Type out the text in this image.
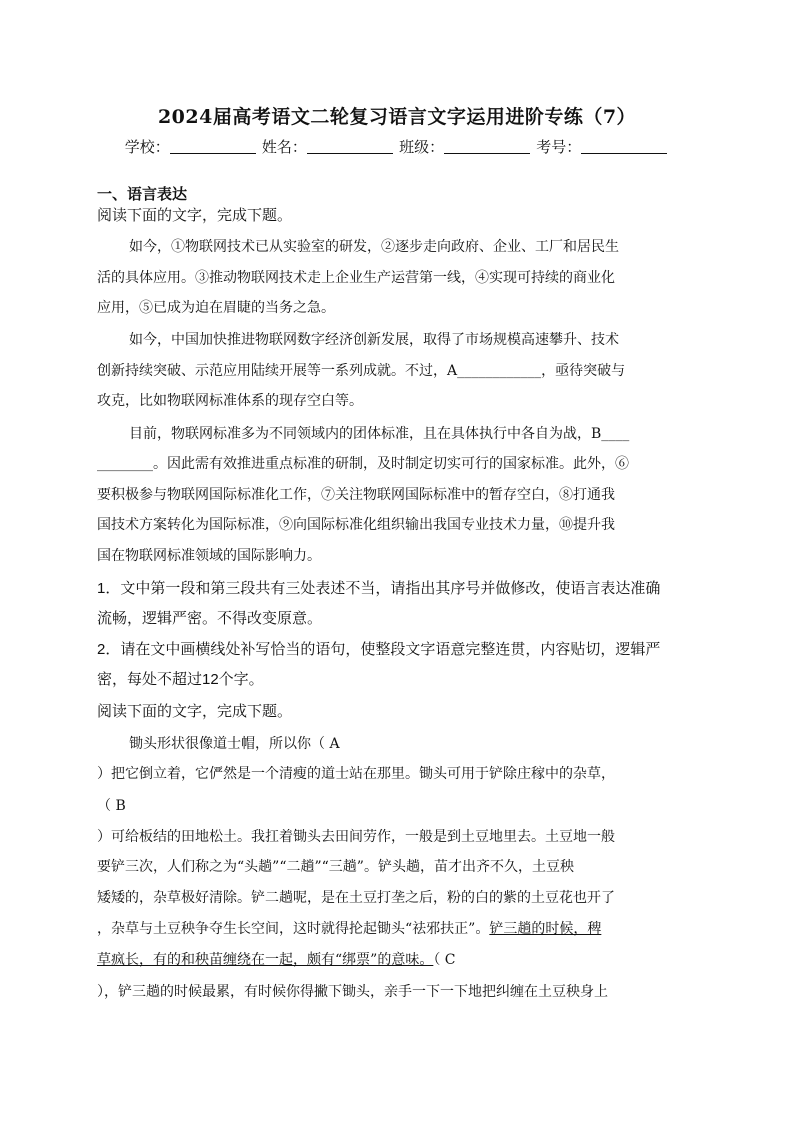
2024届高考语文二轮复习语言文字运用进阶专练（7）
学校：	姓名：	班级：	考号：
一、语言表达
阅读下面的文字，完成下题。
如今，①物联网技术已从实验室的研发，②逐步走向政府、企业、工厂和居民生
活的具体应用。③推动物联网技术走上企业生产运营第一线，④实现可持续的商业化
应用，⑤已成为迫在眉睫的当务之急。
如今，中国加快推进物联网数字经济创新发展，取得了市场规模高速攀升、技术
创新持续突破、示范应用陆续开展等一系列成就。不过，A____________，亟待突破与
攻克，比如物联网标准体系的现存空白等。
目前，物联网标准多为不同领域内的团体标准，且在具体执行中各自为战，B____
________。因此需有效推进重点标准的研制，及时制定切实可行的国家标准。此外，⑥
要积极参与物联网国际标准化工作，⑦关注物联网国际标准中的暂存空白，⑧打通我
国技术方案转化为国际标准，⑨向国际标准化组织输出我国专业技术力量，⑩提升我
国在物联网标准领域的国际影响力。
1．文中第一段和第三段共有三处表述不当，请指出其序号并做修改，使语言表达准确
流畅，逻辑严密。不得改变原意。
2．请在文中画横线处补写恰当的语句，使整段文字语意完整连贯，内容贴切，逻辑严
密，每处不超过12个字。
阅读下面的文字，完成下题。
锄头形状很像道士帽，所以你（ A
）把它倒立着，它俨然是一个清瘦的道士站在那里。锄头可用于铲除庄稼中的杂草，
（ B
）可给板结的田地松土。我扛着锄头去田间劳作，一般是到土豆地里去。土豆地一般
要铲三次，人们称之为“头趟”“二趟”“三趟”。铲头趟，苗才出齐不久，土豆秧
矮矮的，杂草极好清除。铲二趟呢，是在土豆打垄之后，粉的白的紫的土豆花也开了
，杂草与土豆秧争夺生长空间，这时就得抡起锄头“祛邪扶正”。铲三趟的时候，稗
草疯长，有的和秧苗缠绕在一起，颇有“绑票”的意味。（ C
），铲三趟的时候最累，有时候你得撇下锄头，亲手一下一下地把纠缠在土豆秧身上
